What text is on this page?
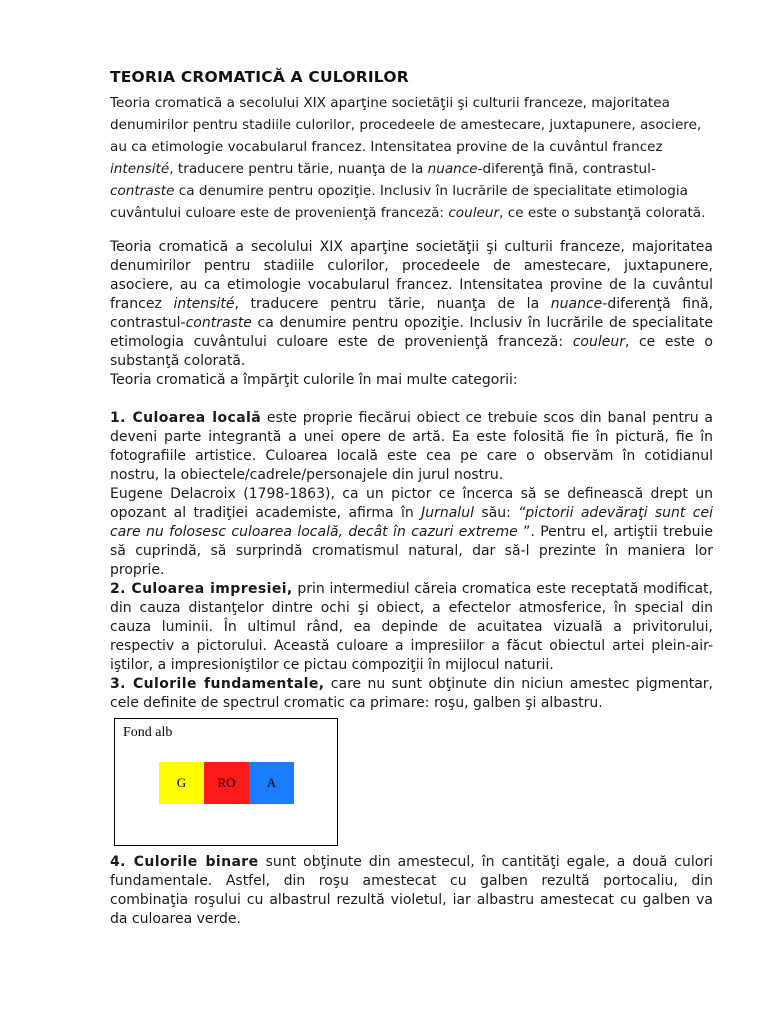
TEORIA CROMATICĂ A CULORILOR

Teoria cromatică a secolului XIX aparţine societăţii şi culturii franceze, majoritatea denumirilor pentru stadiile culorilor, procedeele de amestecare, juxtapunere, asociere, au ca etimologie vocabularul francez. Intensitatea provine de la cuvântul francez intensité, traducere pentru tărie, nuanţa de la nuance-diferenţă fină, contrastul-contraste ca denumire pentru opoziţie. Inclusiv în lucrările de specialitate etimologia cuvântului culoare este de provenienţă franceză: couleur, ce este o substanţă colorată.

Teoria cromatică a secolului XIX aparţine societăţii şi culturii franceze, majoritatea denumirilor pentru stadiile culorilor, procedeele de amestecare, juxtapunere, asociere, au ca etimologie vocabularul francez. Intensitatea provine de la cuvântul francez intensité, traducere pentru tărie, nuanţa de la nuance-diferenţă fină, contrastul-contraste ca denumire pentru opoziţie. Inclusiv în lucrările de specialitate etimologia cuvântului culoare este de provenienţă franceză: couleur, ce este o substanţă colorată.

Teoria cromatică a împărţit culorile în mai multe categorii:

1. Culoarea locală este proprie fiecărui obiect ce trebuie scos din banal pentru a deveni parte integrantă a unei opere de artă. Ea este folosită fie în pictură, fie în fotografiile artistice. Culoarea locală este cea pe care o observăm în cotidianul nostru, la obiectele/cadrele/personajele din jurul nostru.

Eugene Delacroix (1798-1863), ca un pictor ce încerca să se definească drept un opozant al tradiţiei academiste, afirma în Jurnalul său: “pictorii adevăraţi sunt cei care nu folosesc culoarea locală, decât în cazuri extreme ”. Pentru el, artiştii trebuie să cuprindă, să surprindă cromatismul natural, dar să-l prezinte în maniera lor proprie.

2. Culoarea impresiei, prin intermediul căreia cromatica este receptată modificat, din cauza distanţelor dintre ochi şi obiect, a efectelor atmosferice, în special din cauza luminii. În ultimul rând, ea depinde de acuitatea vizuală a privitorului, respectiv a pictorului. Această culoare a impresiilor a făcut obiectul artei plein-air-iştilor, a impresioniştilor ce pictau compoziţii în mijlocul naturii.

3. Culorile fundamentale, care nu sunt obţinute din niciun amestec pigmentar, cele definite de spectrul cromatic ca primare: roşu, galben şi albastru.

Fond alb
G	RO	A

4. Culorile binare sunt obţinute din amestecul, în cantităţi egale, a două culori fundamentale. Astfel, din roşu amestecat cu galben rezultă portocaliu, din combinaţia roşului cu albastrul rezultă violetul, iar albastru amestecat cu galben va da culoarea verde.
